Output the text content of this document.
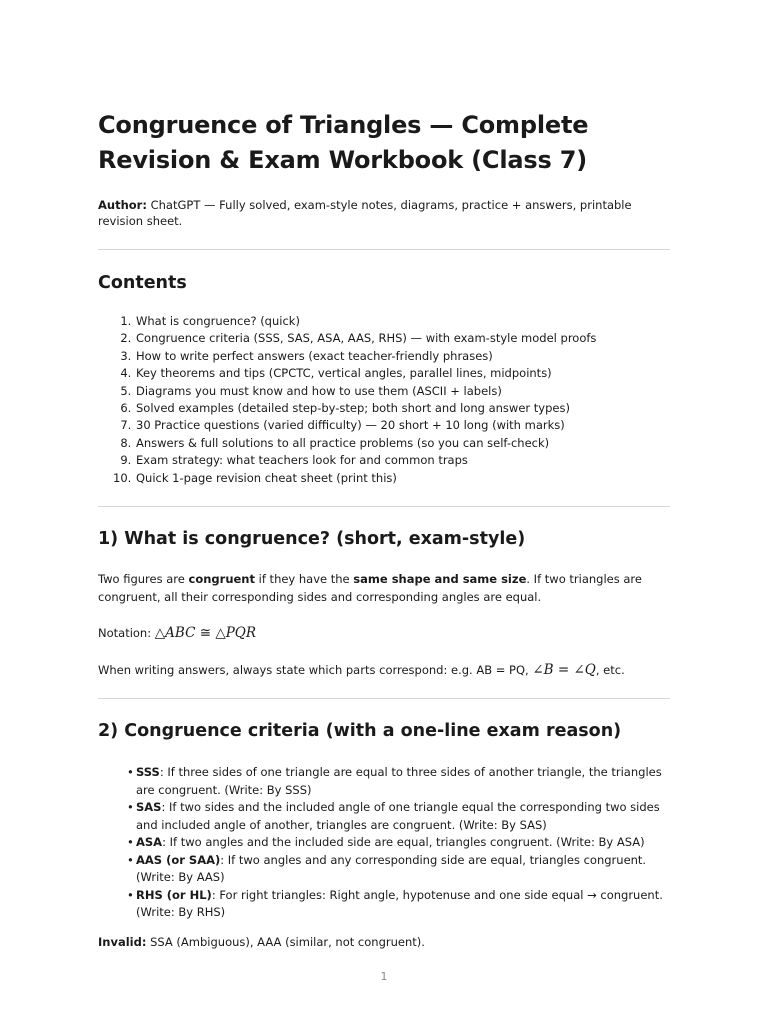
Congruence of Triangles — Complete Revision & Exam Workbook (Class 7)

Author: ChatGPT — Fully solved, exam-style notes, diagrams, practice + answers, printable revision sheet.

Contents
1. What is congruence? (quick)
2. Congruence criteria (SSS, SAS, ASA, AAS, RHS) — with exam-style model proofs
3. How to write perfect answers (exact teacher-friendly phrases)
4. Key theorems and tips (CPCTC, vertical angles, parallel lines, midpoints)
5. Diagrams you must know and how to use them (ASCII + labels)
6. Solved examples (detailed step-by-step; both short and long answer types)
7. 30 Practice questions (varied difficulty) — 20 short + 10 long (with marks)
8. Answers & full solutions to all practice problems (so you can self-check)
9. Exam strategy: what teachers look for and common traps
10. Quick 1-page revision cheat sheet (print this)
1) What is congruence? (short, exam-style)

Two figures are congruent if they have the same shape and same size. If two triangles are congruent, all their corresponding sides and corresponding angles are equal.

Notation: △ABC ≅ △PQR

When writing answers, always state which parts correspond: e.g. AB = PQ, ∠B = ∠Q, etc.

2) Congruence criteria (with a one-line exam reason)
• SSS: If three sides of one triangle are equal to three sides of another triangle, the triangles are congruent. (Write: By SSS)
• SAS: If two sides and the included angle of one triangle equal the corresponding two sides and included angle of another, triangles are congruent. (Write: By SAS)
• ASA: If two angles and the included side are equal, triangles congruent. (Write: By ASA)
• AAS (or SAA): If two angles and any corresponding side are equal, triangles congruent. (Write: By AAS)
• RHS (or HL): For right triangles: Right angle, hypotenuse and one side equal → congruent. (Write: By RHS)

Invalid: SSA (Ambiguous), AAA (similar, not congruent).

1
